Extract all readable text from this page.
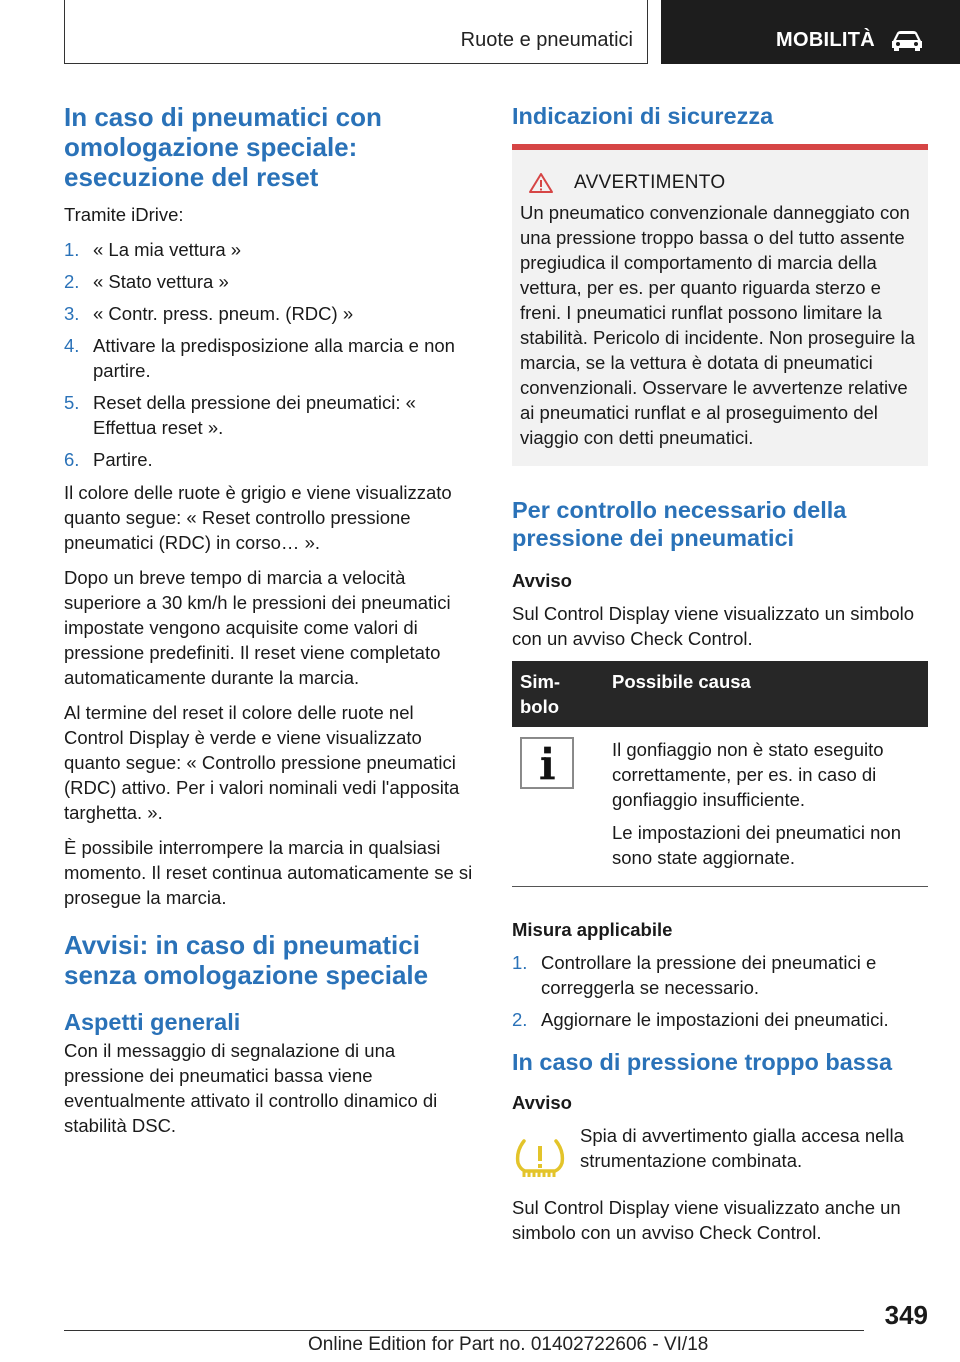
Ruote e pneumatici	MOBILITÀ
In caso di pneumatici con omologazione speciale: esecuzione del reset

Tramite iDrive:

1. « La mia vettura »
2. « Stato vettura »
3. « Contr. press. pneum. (RDC) »
4. Attivare la predisposizione alla marcia e non partire.
5. Reset della pressione dei pneumatici: « Effettua reset ».
6. Partire.

Il colore delle ruote è grigio e viene visualizzato quanto segue: « Reset controllo pressione pneumatici (RDC) in corso… ».

Dopo un breve tempo di marcia a velocità superiore a 30 km/h le pressioni dei pneumatici impostate vengono acquisite come valori di pressione predefiniti. Il reset viene completato automaticamente durante la marcia.

Al termine del reset il colore delle ruote nel Control Display è verde e viene visualizzato quanto segue: « Controllo pressione pneumatici (RDC) attivo. Per i valori nominali vedi l'apposita targhetta. ».

È possibile interrompere la marcia in qualsiasi momento. Il reset continua automaticamente se si prosegue la marcia.

Avvisi: in caso di pneumatici senza omologazione speciale
Aspetti generali

Con il messaggio di segnalazione di una pressione dei pneumatici bassa viene eventualmente attivato il controllo dinamico di stabilità DSC.

Indicazioni di sicurezza
AVVERTIMENTO

Un pneumatico convenzionale danneggiato con una pressione troppo bassa o del tutto assente pregiudica il comportamento di marcia della vettura, per es. per quanto riguarda sterzo e freni. I pneumatici runflat possono limitare la stabilità. Pericolo di incidente. Non proseguire la marcia, se la vettura è dotata di pneumatici convenzionali. Osservare le avvertenze relative ai pneumatici runflat e al proseguimento del viaggio con detti pneumatici.

Per controllo necessario della pressione dei pneumatici
Avviso

Sul Control Display viene visualizzato un simbolo con un avviso Check Control.

Sim-bolo	Possibile causa

Il gonfiaggio non è stato eseguito correttamente, per es. in caso di gonfiaggio insufficiente.

Le impostazioni dei pneumatici non sono state aggiornate.

Misura applicabile
1. Controllare la pressione dei pneumatici e correggerla se necessario.
2. Aggiornare le impostazioni dei pneumatici.
In caso di pressione troppo bassa
Avviso

Spia di avvertimento gialla accesa nella strumentazione combinata.

Sul Control Display viene visualizzato anche un simbolo con un avviso Check Control.

349
Online Edition for Part no. 01402722606 - VI/18
